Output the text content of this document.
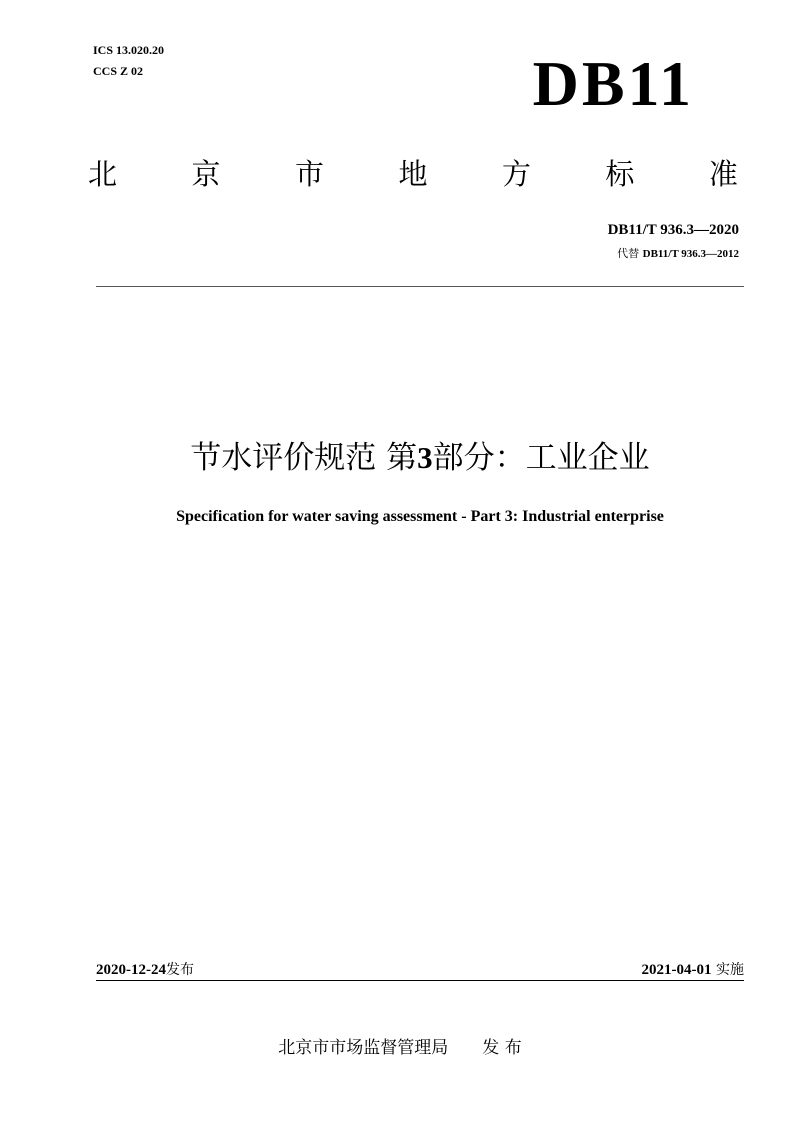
ICS 13.020.20
CCS Z 02	DB11
北	京	市	地	方	标	准
DB11/T 936.3—2020
代替 DB11/T 936.3—2012
节水评价规范 第3部分：工业企业
Specification for water saving assessment - Part 3: Industrial enterprise
2020-12-24发布	2021-04-01 实施
北京市市场监督管理局 发 布
